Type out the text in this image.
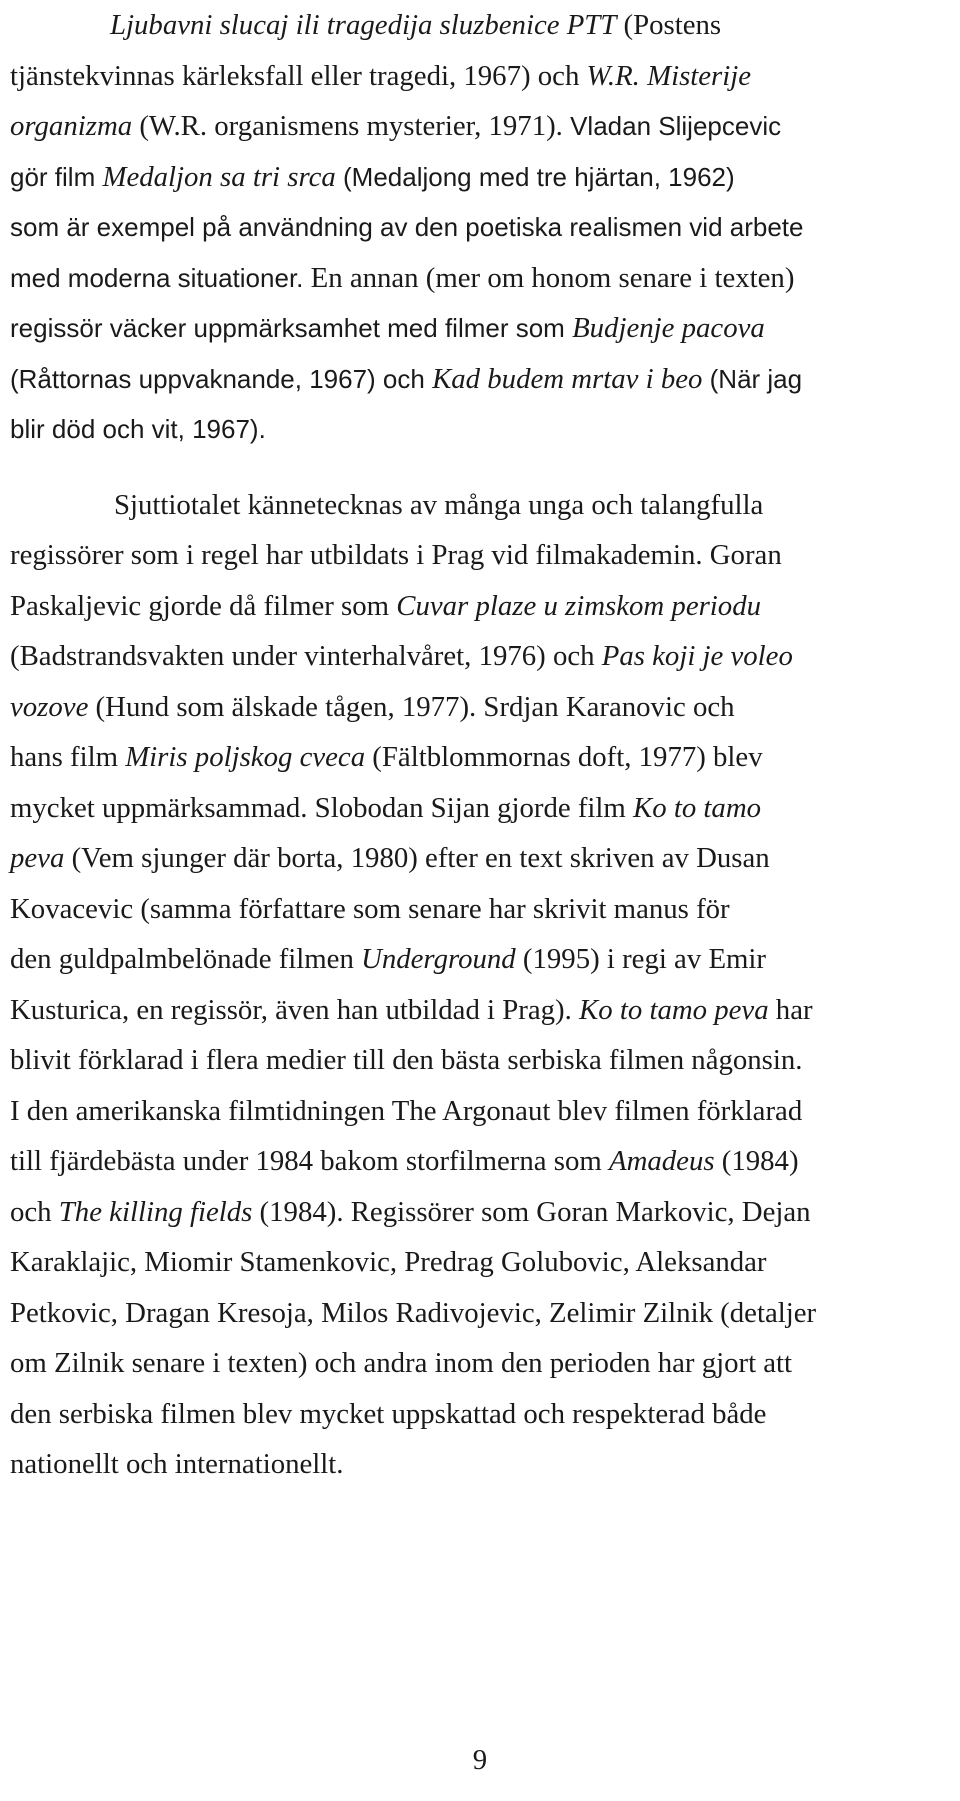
Ljubavni slucaj ili tragedija sluzbenice PTT (Postens
tjänstekvinnas kärleksfall eller tragedi, 1967) och W.R. Misterije
organizma (W.R. organismens mysterier, 1971). Vladan Slijepcevic
gör film Medaljon sa tri srca (Medaljong med tre hjärtan, 1962)
som är exempel på användning av den poetiska realismen vid arbete
med moderna situationer. En annan (mer om honom senare i texten)
regissör väcker uppmärksamhet med filmer som Budjenje pacova
(Råttornas uppvaknande, 1967) och Kad budem mrtav i beo (När jag
blir död och vit, 1967).

Sjuttiotalet kännetecknas av många unga och talangfulla
regissörer som i regel har utbildats i Prag vid filmakademin. Goran
Paskaljevic gjorde då filmer som Cuvar plaze u zimskom periodu
(Badstrandsvakten under vinterhalvåret, 1976) och Pas koji je voleo
vozove (Hund som älskade tågen, 1977). Srdjan Karanovic och
hans film Miris poljskog cveca (Fältblommornas doft, 1977) blev
mycket uppmärksammad. Slobodan Sijan gjorde film Ko to tamo
peva (Vem sjunger där borta, 1980) efter en text skriven av Dusan
Kovacevic (samma författare som senare har skrivit manus för
den guldpalmbelönade filmen Underground (1995) i regi av Emir
Kusturica, en regissör, även han utbildad i Prag). Ko to tamo peva har
blivit förklarad i flera medier till den bästa serbiska filmen någonsin.
I den amerikanska filmtidningen The Argonaut blev filmen förklarad
till fjärdebästa under 1984 bakom storfilmerna som Amadeus (1984)
och The killing fields (1984). Regissörer som Goran Markovic, Dejan
Karaklajic, Miomir Stamenkovic, Predrag Golubovic, Aleksandar
Petkovic, Dragan Kresoja, Milos Radivojevic, Zelimir Zilnik (detaljer
om Zilnik senare i texten) och andra inom den perioden har gjort att
den serbiska filmen blev mycket uppskattad och respekterad både
nationellt och internationellt.

9
